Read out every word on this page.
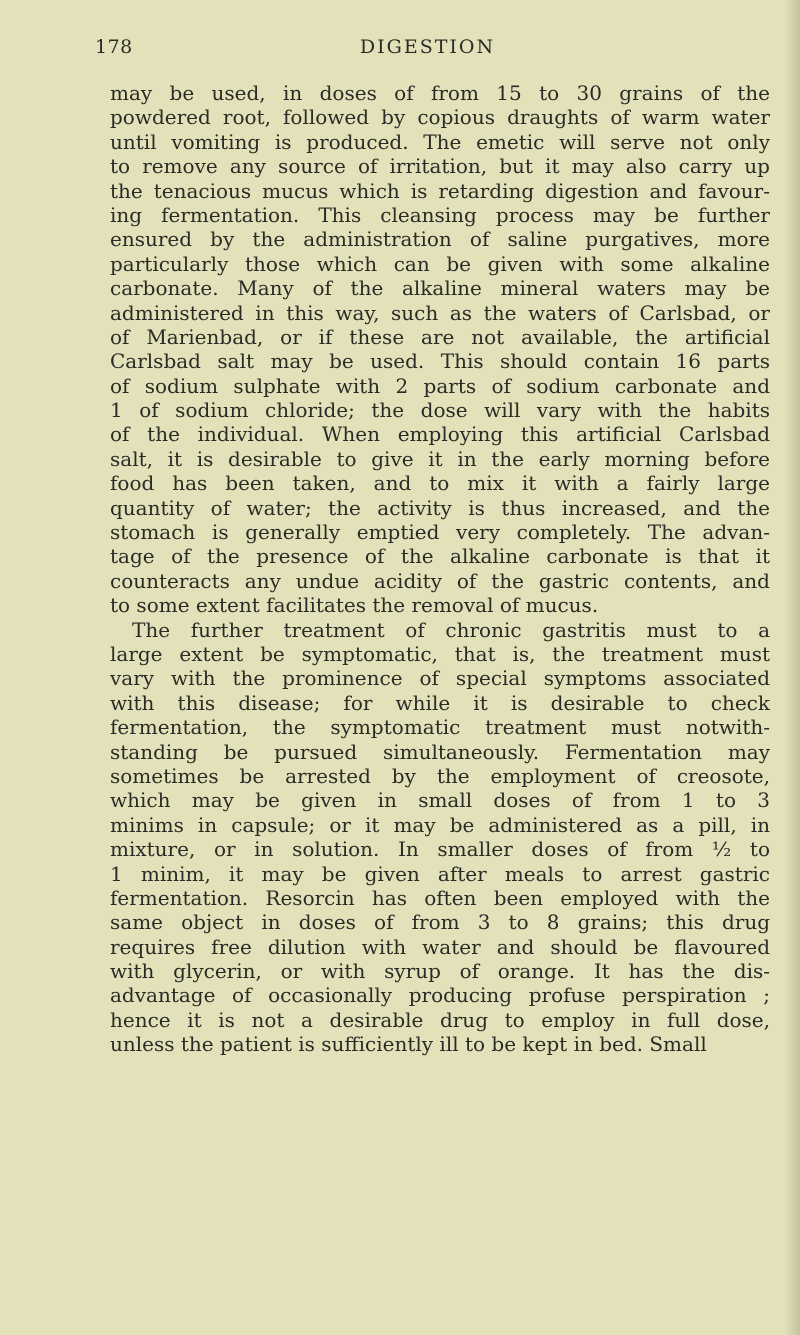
178	DIGESTION
may be used, in doses of from 15 to 30 grains of the
powdered root, followed by copious draughts of warm water
until vomiting is produced. The emetic will serve not only
to remove any source of irritation, but it may also carry up
the tenacious mucus which is retarding digestion and favour-
ing fermentation. This cleansing process may be further
ensured by the administration of saline purgatives, more
particularly those which can be given with some alkaline
carbonate. Many of the alkaline mineral waters may be
administered in this way, such as the waters of Carlsbad, or
of Marienbad, or if these are not available, the artificial
Carlsbad salt may be used. This should contain 16 parts
of sodium sulphate with 2 parts of sodium carbonate and
1 of sodium chloride; the dose will vary with the habits
of the individual. When employing this artificial Carlsbad
salt, it is desirable to give it in the early morning before
food has been taken, and to mix it with a fairly large
quantity of water; the activity is thus increased, and the
stomach is generally emptied very completely. The advan-
tage of the presence of the alkaline carbonate is that it
counteracts any undue acidity of the gastric contents, and
to some extent facilitates the removal of mucus.
The further treatment of chronic gastritis must to a
large extent be symptomatic, that is, the treatment must
vary with the prominence of special symptoms associated
with this disease; for while it is desirable to check
fermentation, the symptomatic treatment must notwith-
standing be pursued simultaneously. Fermentation may
sometimes be arrested by the employment of creosote,
which may be given in small doses of from 1 to 3
minims in capsule; or it may be administered as a pill, in
mixture, or in solution. In smaller doses of from ½ to
1 minim, it may be given after meals to arrest gastric
fermentation. Resorcin has often been employed with the
same object in doses of from 3 to 8 grains; this drug
requires free dilution with water and should be flavoured
with glycerin, or with syrup of orange. It has the dis-
advantage of occasionally producing profuse perspiration ;
hence it is not a desirable drug to employ in full dose,
unless the patient is sufficiently ill to be kept in bed. Small
